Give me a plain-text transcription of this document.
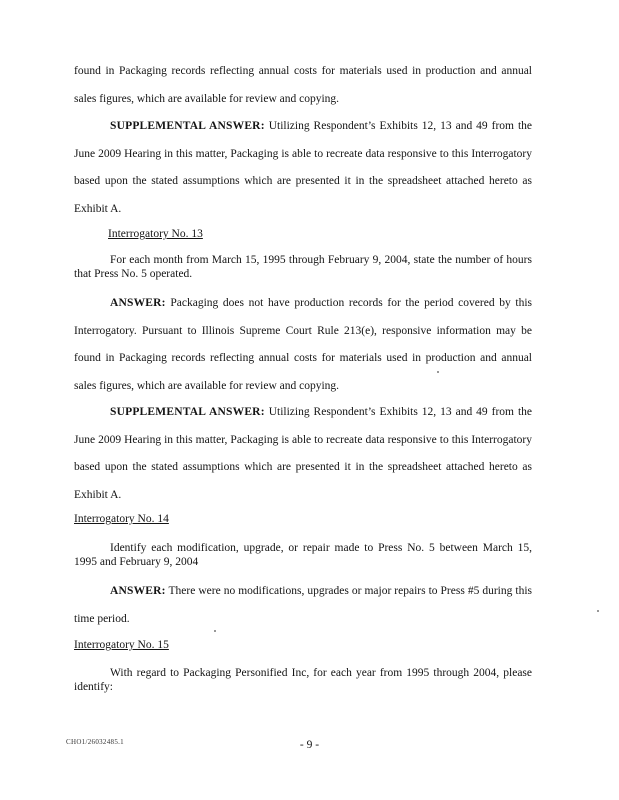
found in Packaging records reflecting annual costs for materials used in production and annual sales figures, which are available for review and copying.

SUPPLEMENTAL ANSWER: Utilizing Respondent’s Exhibits 12, 13 and 49 from the June 2009 Hearing in this matter, Packaging is able to recreate data responsive to this Interrogatory based upon the stated assumptions which are presented it in the spreadsheet attached hereto as Exhibit A.

Interrogatory No. 13

For each month from March 15, 1995 through February 9, 2004, state the number of hours that Press No. 5 operated.

ANSWER: Packaging does not have production records for the period covered by this Interrogatory. Pursuant to Illinois Supreme Court Rule 213(e), responsive information may be found in Packaging records reflecting annual costs for materials used in production and annual sales figures, which are available for review and copying.

SUPPLEMENTAL ANSWER: Utilizing Respondent’s Exhibits 12, 13 and 49 from the June 2009 Hearing in this matter, Packaging is able to recreate data responsive to this Interrogatory based upon the stated assumptions which are presented it in the spreadsheet attached hereto as Exhibit A.

Interrogatory No. 14

Identify each modification, upgrade, or repair made to Press No. 5 between March 15, 1995 and February 9, 2004

ANSWER: There were no modifications, upgrades or major repairs to Press #5 during this time period.

Interrogatory No. 15

With regard to Packaging Personified Inc, for each year from 1995 through 2004, please identify:

CHO1/26032485.1	- 9 -
